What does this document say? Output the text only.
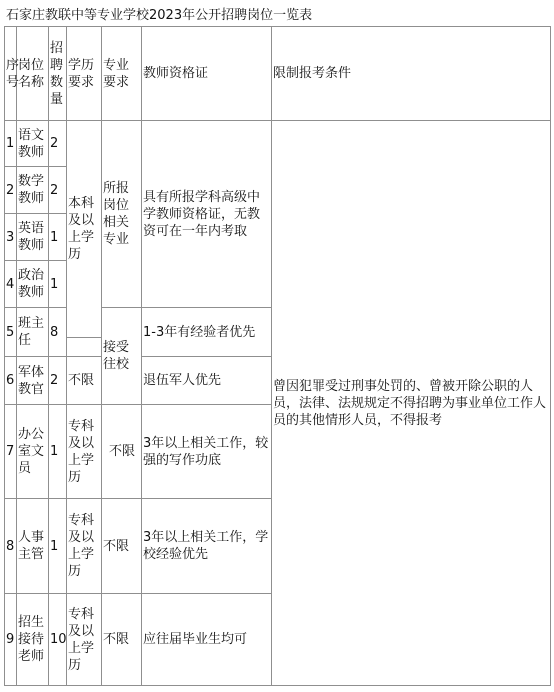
石家庄教联中等专业学校2023年公开招聘岗位一览表
序号	岗位名称	招聘数量	学历要求	专业要求	教师资格证	限制报考条件
1	语文教师	2	本科及以上学历	所报岗位相关专业	具有所报学科高级中学教师资格证，无教资可在一年内考取	曾因犯罪受过刑事处罚的、曾被开除公职的人员，法律、法规规定不得招聘为事业单位工作人员的其他情形人员，不得报考
2	数学教师	2				
3	英语教师	1				
4	政治教师	1				
5	班主任	8		接受往校	1-3年有经验者优先	

6	军体教官	2	不限		退伍军人优先	
7	办公室文员	1	专科及以上学历	不限	3年以上相关工作，较强的写作功底	
8	人事主管	1	专科及以上学历	不限	3年以上相关工作，学校经验优先	
9	招生接待老师	10	专科及以上学历	不限	应往届毕业生均可	
